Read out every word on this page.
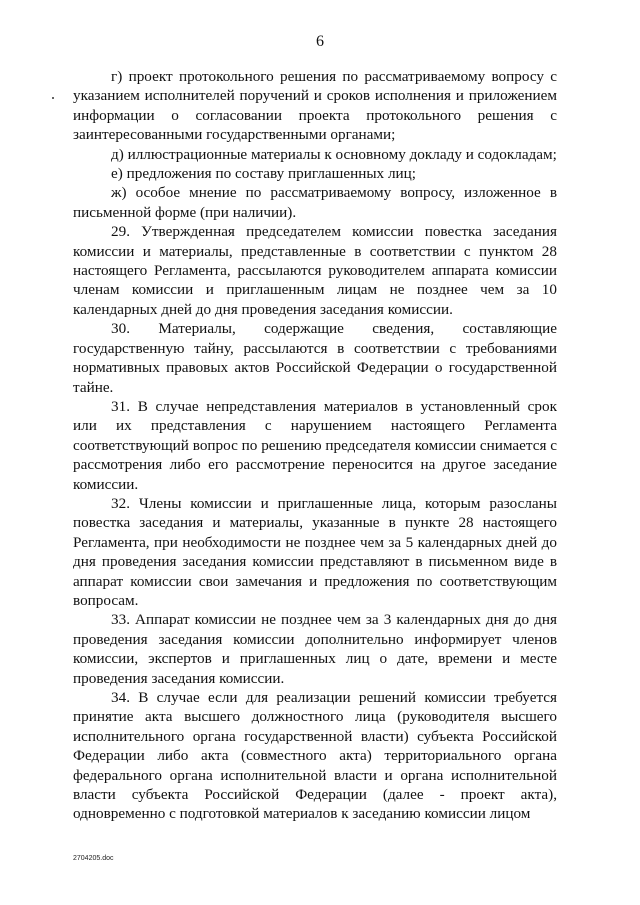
6

г) проект протокольного решения по рассматриваемому вопросу с указанием исполнителей поручений и сроков исполнения и приложением информации о согласовании проекта протокольного решения с заинтересованными государственными органами;

д) иллюстрационные материалы к основному докладу и содокладам;

е) предложения по составу приглашенных лиц;

ж) особое мнение по рассматриваемому вопросу, изложенное в письменной форме (при наличии).

29. Утвержденная председателем комиссии повестка заседания комиссии и материалы, представленные в соответствии с пунктом 28 настоящего Регламента, рассылаются руководителем аппарата комиссии членам комиссии и приглашенным лицам не позднее чем за 10 календарных дней до дня проведения заседания комиссии.

30. Материалы, содержащие сведения, составляющие государственную тайну, рассылаются в соответствии с требованиями нормативных правовых актов Российской Федерации о государственной тайне.

31. В случае непредставления материалов в установленный срок или их представления с нарушением настоящего Регламента соответствующий вопрос по решению председателя комиссии снимается с рассмотрения либо его рассмотрение переносится на другое заседание комиссии.

32. Члены комиссии и приглашенные лица, которым разосланы повестка заседания и материалы, указанные в пункте 28 настоящего Регламента, при необходимости не позднее чем за 5 календарных дней до дня проведения заседания комиссии представляют в письменном виде в аппарат комиссии свои замечания и предложения по соответствующим вопросам.

33. Аппарат комиссии не позднее чем за 3 календарных дня до дня проведения заседания комиссии дополнительно информирует членов комиссии, экспертов и приглашенных лиц о дате, времени и месте проведения заседания комиссии.

34. В случае если для реализации решений комиссии требуется принятие акта высшего должностного лица (руководителя высшего исполнительного органа государственной власти) субъекта Российской Федерации либо акта (совместного акта) территориального органа федерального органа исполнительной власти и органа исполнительной власти субъекта Российской Федерации (далее - проект акта), одновременно с подготовкой материалов к заседанию комиссии лицом

2704205.doc
